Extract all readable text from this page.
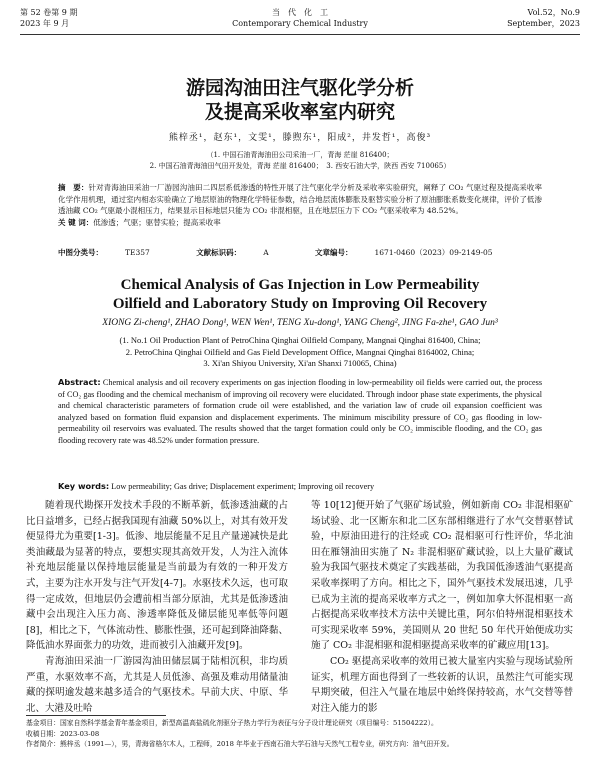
第 52 卷第 9 期
2023 年 9 月
当　代　化　工
Contemporary Chemical Industry
Vol.52，No.9
September，2023
游园沟油田注气驱化学分析
及提高采收率室内研究
熊梓丞¹，赵东¹，文雯¹，滕煦东¹，阳成²，井发哲¹，高俊³
（1. 中国石油青海油田公司采油一厂，青海 茫崖 816400；
2. 中国石油青海油田气田开发处，青海 茫崖 816400；　3. 西安石油大学，陕西 西安 710065）
摘　要：针对青海油田采油一厂游园沟油田二四层系低渗透的特性开展了注气驱化学分析及采收率实验研究，阐释了 CO₂ 气驱过程及提高采收率化学作用机理，通过室内相态实验确立了地层原油的物理化学特征参数，结合地层流体膨胀及驱替实验分析了原油膨胀系数变化规律，评价了低渗透油藏 CO₂ 气驱最小混相压力，结果显示目标地层只能为 CO₂ 非混相驱，且在地层压力下 CO₂ 气驱采收率为 48.52%。
关 键 词：低渗透；气驱；驱替实验；提高采收率
中图分类号：	TE357	文献标识码：	A	文章编号：	1671-0460（2023）09-2149-05
Chemical Analysis of Gas Injection in Low Permeability
Oilfield and Laboratory Study on Improving Oil Recovery
XIONG Zi-cheng¹, ZHAO Dong¹, WEN Wen¹, TENG Xu-dong¹, YANG Cheng², JING Fa-zhe¹, GAO Jun³
(1. No.1 Oil Production Plant of PetroChina Qinghai Oilfield Company, Mangnai Qinghai 816400, China;
2. PetroChina Qinghai Oilfield and Gas Field Development Office, Mangnai Qinghai 8164002, China;
3. Xi'an Shiyou University, Xi'an Shanxi 710065, China)
Abstract: Chemical analysis and oil recovery experiments on gas injection flooding in low-permeability oil fields were carried out, the process of CO₂ gas flooding and the chemical mechanism of improving oil recovery were elucidated. Through indoor phase state experiments, the physical and chemical characteristic parameters of formation crude oil were established, and the variation law of crude oil expansion coefficient was analyzed based on formation fluid expansion and displacement experiments. The minimum miscibility pressure of CO₂ gas flooding in low-permeability oil reservoirs was evaluated. The results showed that the target formation could only be CO₂ immiscible flooding, and the CO₂ gas flooding recovery rate was 48.52% under formation pressure.
Key words: Low permeability; Gas drive; Displacement experiment; Improving oil recovery

随着现代勘探开发技术手段的不断革新，低渗透油藏的占比日益增多，已经占据我国现有油藏 50%以上，对其有效开发便显得尤为重要[1-3]。低渗、地层能量不足且产量递减快是此类油藏最为显著的特点，要想实现其高效开发，人为注入流体补充地层能量以保持地层能量是当前最为有效的一种开发方式，主要为注水开发与注气开发[4-7]。水驱技术久远，也可取得一定成效，但地层仍会遭前相当部分原油，尤其是低渗透油藏中会出现注入压力高、渗透率降低及储层能见率低等问题[8]，相比之下，气体流动性、膨胀性强，还可起到降油降黏、降低油水界面张力的功效，进而被引入油藏开发[9]。

青海油田采油一厂游园沟油田储层属于陆相沉积，非均质严重，水驱效率不高，尤其是人员低渗、高强及难动用储量油藏的探明逾发越来越多适合的气驱技术。早前大庆、中原、华北、大港及吐哈

等 10[12]便开始了气驱矿场试验，例如新南 CO₂ 非混相驱矿场试验、北一区断东和北二区东部相继进行了水气交替驱替试验，中原油田进行的注烃或 CO₂ 混相驱可行性评价，华北油田在雁翎油田实施了 N₂ 非混相驱矿藏试验，以上大量矿藏试验为我国气驱技术奠定了实践基础，为我国低渗透油气驱提高采收率探明了方向。相比之下，国外气驱技术发展迅速，几乎已成为主流的提高采收率方式之一，例如加拿大怀混相驱一高占据提高采收率技术方法中关键比重，阿尔伯特州混相驱技术可实现采收率 59%，美国则从 20 世纪 50 年代开始便成功实施了 CO₂ 非混相驱和混相驱提高采收率的矿藏应用[13]。

CO₂ 驱提高采收率的效用已被大量室内实验与现场试验所证实，机理方面也得到了一些较新的认识，虽然注气可能实现早期突破，但注入气量在地层中始终保持较高，水气交替等替对注入能力的影

基金项目：国家自然科学基金青年基金项目，新型高温高盐硫化剂驱分子热力学行为表征与分子设计理论研究（项目编号：51504222）。
收稿日期：2023-03-08
作者简介：熊梓丞（1991—），男，青海省格尔木人，工程师，2018 年毕业于西南石油大学石油与天然气工程专业，研究方向：油气田开发。
